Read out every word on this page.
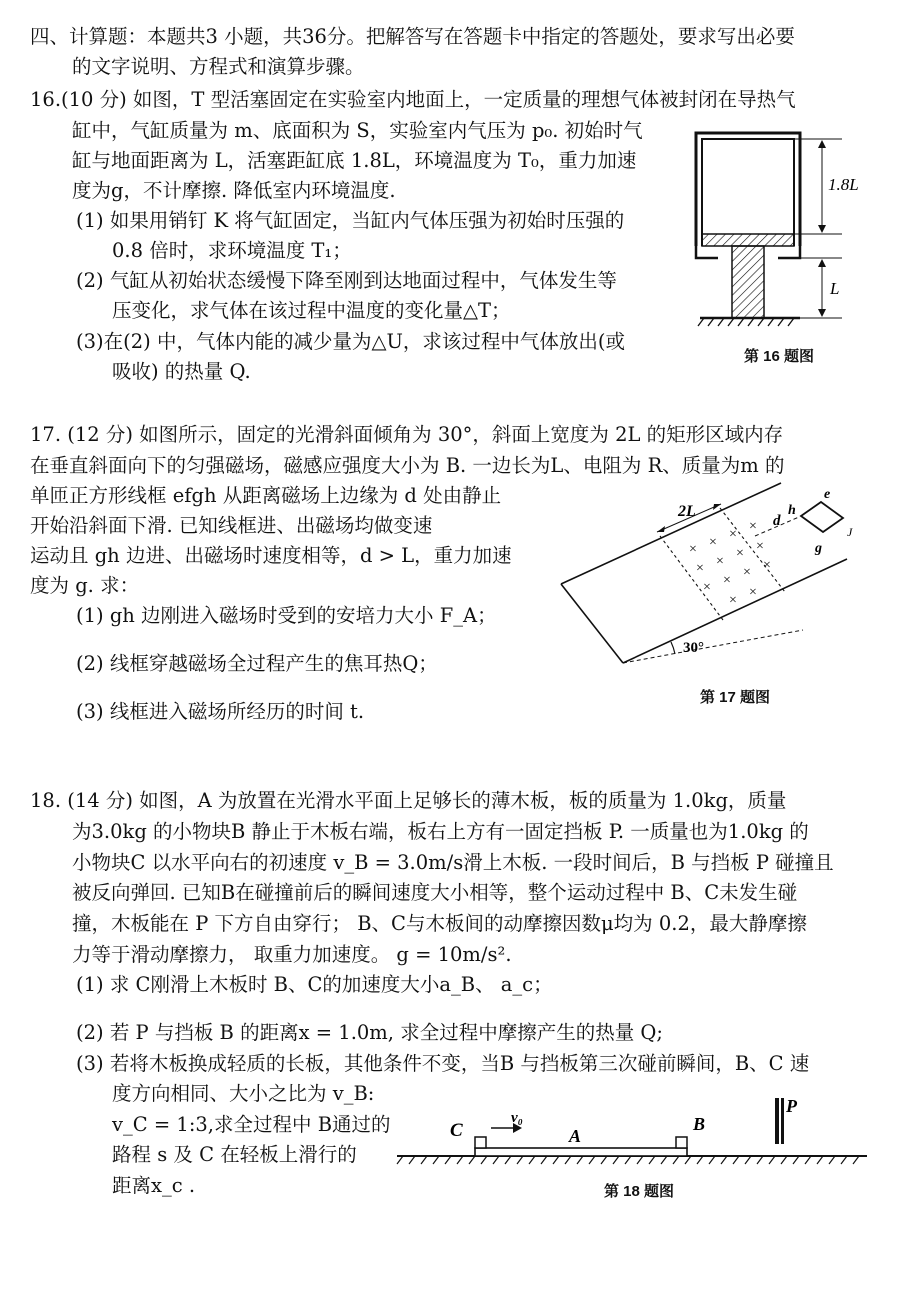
四、计算题：本题共3 小题，共36分。把解答写在答题卡中指定的答题处，要求写出必要
的文字说明、方程式和演算步骤。
16.(10 分) 如图，T 型活塞固定在实验室内地面上，一定质量的理想气体被封闭在导热气
缸中，气缸质量为 m、底面积为 S，实验室内气压为 p₀. 初始时气
缸与地面距离为 L，活塞距缸底 1.8L，环境温度为 T₀，重力加速
度为g，不计摩擦. 降低室内环境温度.
(1) 如果用销钉 K 将气缸固定，当缸内气体压强为初始时压强的
0.8 倍时，求环境温度 T₁；
(2) 气缸从初始状态缓慢下降至刚到达地面过程中，气体发生等
压变化，求气体在该过程中温度的变化量△T；
(3)在(2) 中，气体内能的减少量为△U，求该过程中气体放出(或
吸收) 的热量 Q.
1.8L
L
第 16 题图
17. (12 分) 如图所示，固定的光滑斜面倾角为 30°，斜面上宽度为 2L 的矩形区域内存
在垂直斜面向下的匀强磁场，磁感应强度大小为 B. 一边长为L、电阻为 R、质量为m 的
单匝正方形线框 efgh 从距离磁场上边缘为 d 处由静止
开始沿斜面下滑. 已知线框进、出磁场均做变速
运动且 gh 边进、出磁场时速度相等，d > L，重力加速
度为 g. 求：
(1) gh 边刚进入磁场时受到的安培力大小 F_A；
(2) 线框穿越磁场全过程产生的焦耳热Q；
(3) 线框进入磁场所经历的时间 t.
30°
2L
× ×
×
×
× ×
× ×
× ×
× ×
×
×
d
h
e
g
J
第 17 题图
18. (14 分) 如图，A 为放置在光滑水平面上足够长的薄木板，板的质量为 1.0kg，质量
为3.0kg 的小物块B 静止于木板右端，板右上方有一固定挡板 P. 一质量也为1.0kg 的
小物块C 以水平向右的初速度 v_B = 3.0m/s滑上木板. 一段时间后，B 与挡板 P 碰撞且
被反向弹回. 已知B在碰撞前后的瞬间速度大小相等，整个运动过程中 B、C未发生碰
撞，木板能在 P 下方自由穿行； B、C与木板间的动摩擦因数μ均为 0.2，最大静摩擦
力等于滑动摩擦力， 取重力加速度。 g = 10m/s².
(1) 求 C刚滑上木板时 B、C的加速度大小a_B、 a_c；
(2) 若 P 与挡板 B 的距离x = 1.0m, 求全过程中摩擦产生的热量 Q;
(3) 若将木板换成轻质的长板，其他条件不变，当B 与挡板第三次碰前瞬间，B、C 速
度方向相同、大小之比为 v_B:
v_C = 1:3,求全过程中 B通过的
路程 s 及 C 在轻板上滑行的
距离x_c .
C
v₀
A
B
P
第 18 题图
